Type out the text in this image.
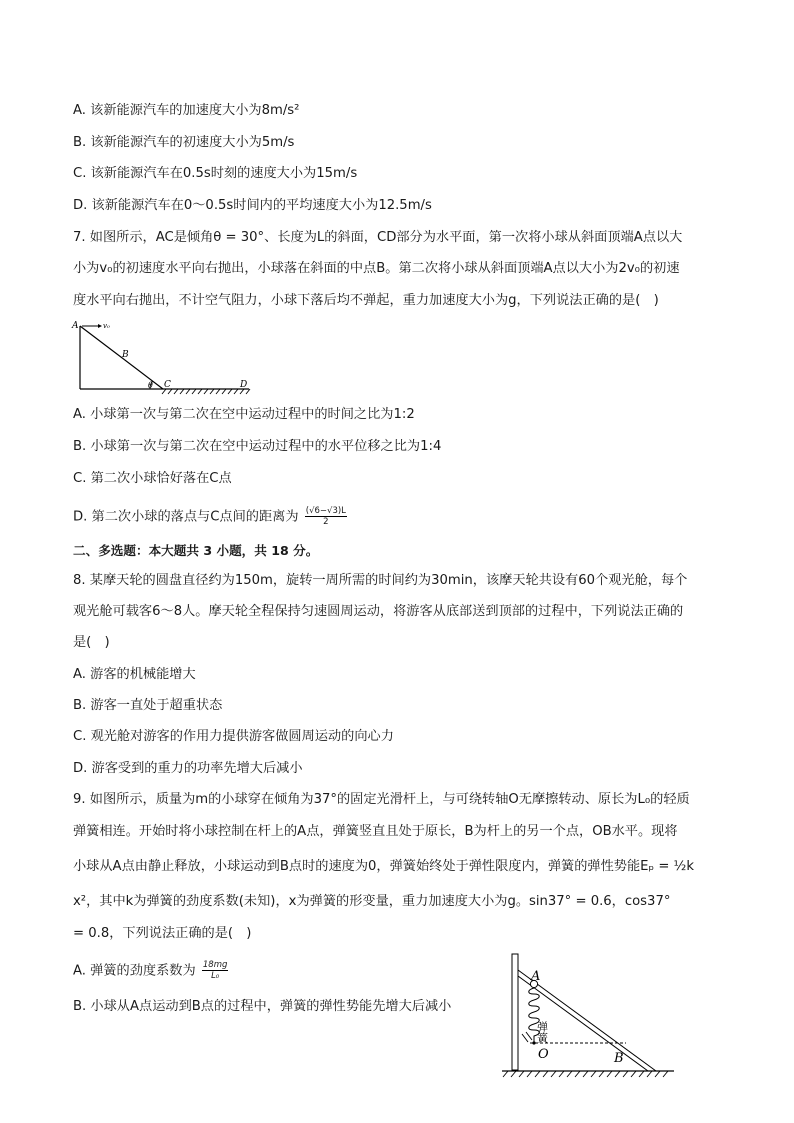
A. 该新能源汽车的加速度大小为8m/s²
B. 该新能源汽车的初速度大小为5m/s
C. 该新能源汽车在0.5s时刻的速度大小为15m/s
D. 该新能源汽车在0～0.5s时间内的平均速度大小为12.5m/s
7. 如图所示，AC是倾角θ = 30°、长度为L的斜面，CD部分为水平面，第一次将小球从斜面顶端A点以大
小为v₀的初速度水平向右抛出，小球落在斜面的中点B。第二次将小球从斜面顶端A点以大小为2v₀的初速
度水平向右抛出，不计空气阻力，小球下落后均不弹起，重力加速度大小为g，下列说法正确的是(　)
A	v₀
B
θ C	D
A. 小球第一次与第二次在空中运动过程中的时间之比为1:2
B. 小球第一次与第二次在空中运动过程中的水平位移之比为1:4
C. 第二次小球恰好落在C点
D. 第二次小球的落点与C点间的距离为 $\frac{(√6-√3)L}{2}$
二、多选题：本大题共 3 小题，共 18 分。
8. 某摩天轮的圆盘直径约为150m，旋转一周所需的时间约为30min，该摩天轮共设有60个观光舱，每个
观光舱可载客6～8人。摩天轮全程保持匀速圆周运动，将游客从底部送到顶部的过程中，下列说法正确的
是(　)
A. 游客的机械能增大
B. 游客一直处于超重状态
C. 观光舱对游客的作用力提供游客做圆周运动的向心力
D. 游客受到的重力的功率先增大后减小
9. 如图所示，质量为m的小球穿在倾角为37°的固定光滑杆上，与可绕转轴O无摩擦转动、原长为L₀的轻质
弹簧相连。开始时将小球控制在杆上的A点，弹簧竖直且处于原长，B为杆上的另一个点，OB水平。现将
小球从A点由静止释放，小球运动到B点时的速度为0，弹簧始终处于弹性限度内，弹簧的弹性势能Eₚ = ½k
x²，其中k为弹簧的劲度系数(未知)，x为弹簧的形变量，重力加速度大小为g。sin37° = 0.6，cos37°
= 0.8，下列说法正确的是(　)
A. 弹簧的劲度系数为 $\frac{18mg}{\text{L₀}}$
B. 小球从A点运动到B点的过程中，弹簧的弹性势能先增大后减小
A
弹簧
O	B
